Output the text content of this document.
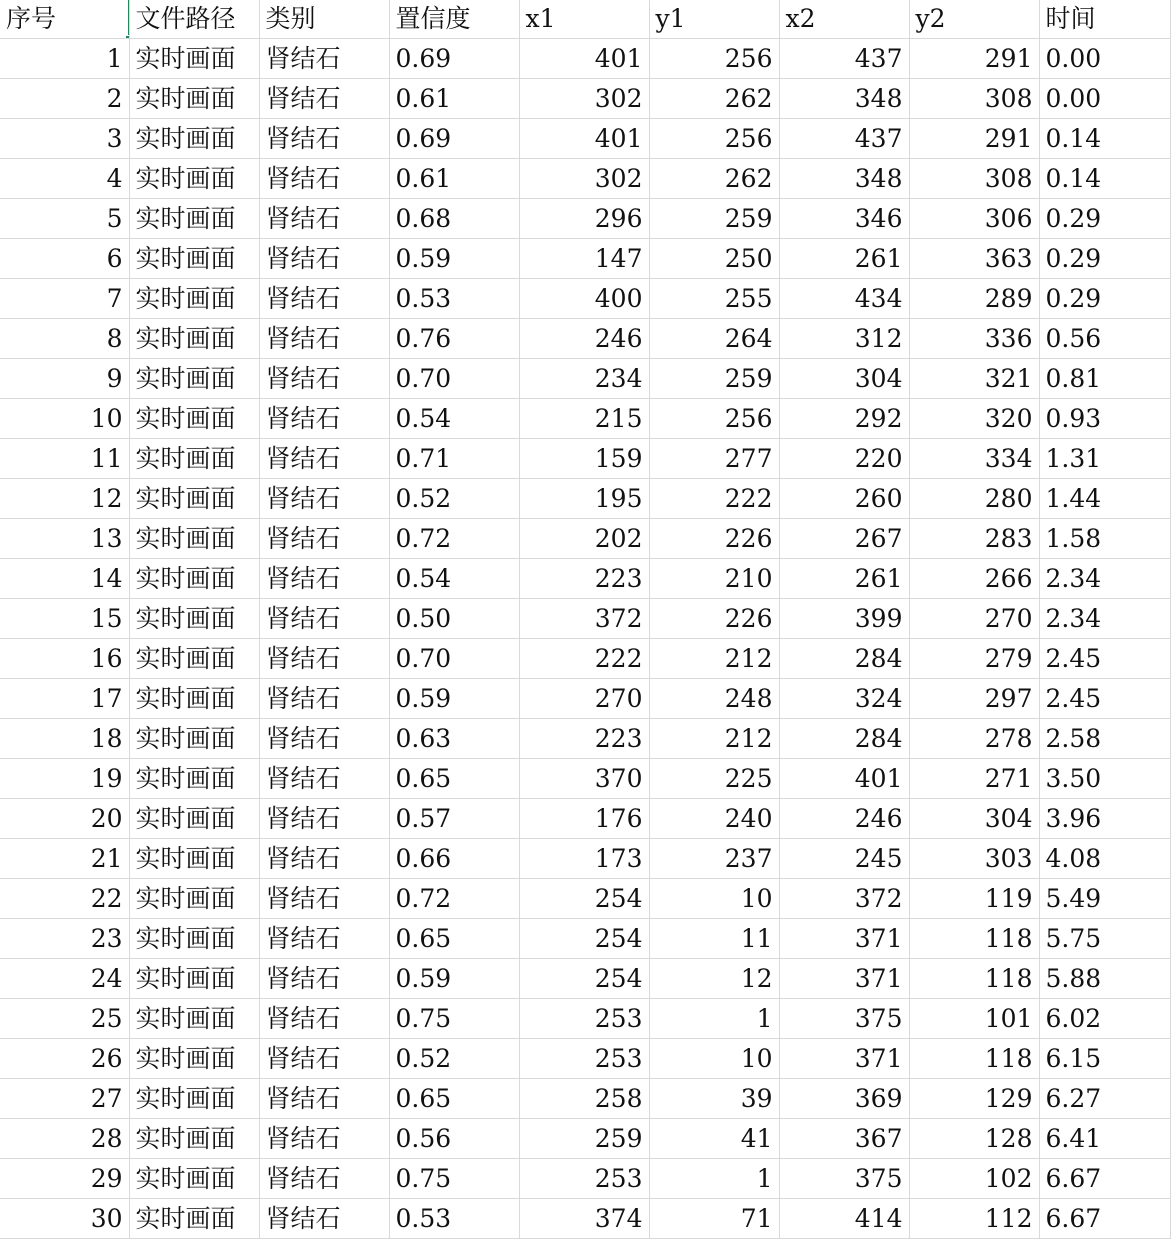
序号	文件路径	类别	置信度	x1	y1	x2	y2	时间
1	实时画面	肾结石	0.69	401	256	437	291	0.00
2	实时画面	肾结石	0.61	302	262	348	308	0.00
3	实时画面	肾结石	0.69	401	256	437	291	0.14
4	实时画面	肾结石	0.61	302	262	348	308	0.14
5	实时画面	肾结石	0.68	296	259	346	306	0.29
6	实时画面	肾结石	0.59	147	250	261	363	0.29
7	实时画面	肾结石	0.53	400	255	434	289	0.29
8	实时画面	肾结石	0.76	246	264	312	336	0.56
9	实时画面	肾结石	0.70	234	259	304	321	0.81
10	实时画面	肾结石	0.54	215	256	292	320	0.93
11	实时画面	肾结石	0.71	159	277	220	334	1.31
12	实时画面	肾结石	0.52	195	222	260	280	1.44
13	实时画面	肾结石	0.72	202	226	267	283	1.58
14	实时画面	肾结石	0.54	223	210	261	266	2.34
15	实时画面	肾结石	0.50	372	226	399	270	2.34
16	实时画面	肾结石	0.70	222	212	284	279	2.45
17	实时画面	肾结石	0.59	270	248	324	297	2.45
18	实时画面	肾结石	0.63	223	212	284	278	2.58
19	实时画面	肾结石	0.65	370	225	401	271	3.50
20	实时画面	肾结石	0.57	176	240	246	304	3.96
21	实时画面	肾结石	0.66	173	237	245	303	4.08
22	实时画面	肾结石	0.72	254	10	372	119	5.49
23	实时画面	肾结石	0.65	254	11	371	118	5.75
24	实时画面	肾结石	0.59	254	12	371	118	5.88
25	实时画面	肾结石	0.75	253	1	375	101	6.02
26	实时画面	肾结石	0.52	253	10	371	118	6.15
27	实时画面	肾结石	0.65	258	39	369	129	6.27
28	实时画面	肾结石	0.56	259	41	367	128	6.41
29	实时画面	肾结石	0.75	253	1	375	102	6.67
30	实时画面	肾结石	0.53	374	71	414	112	6.67
